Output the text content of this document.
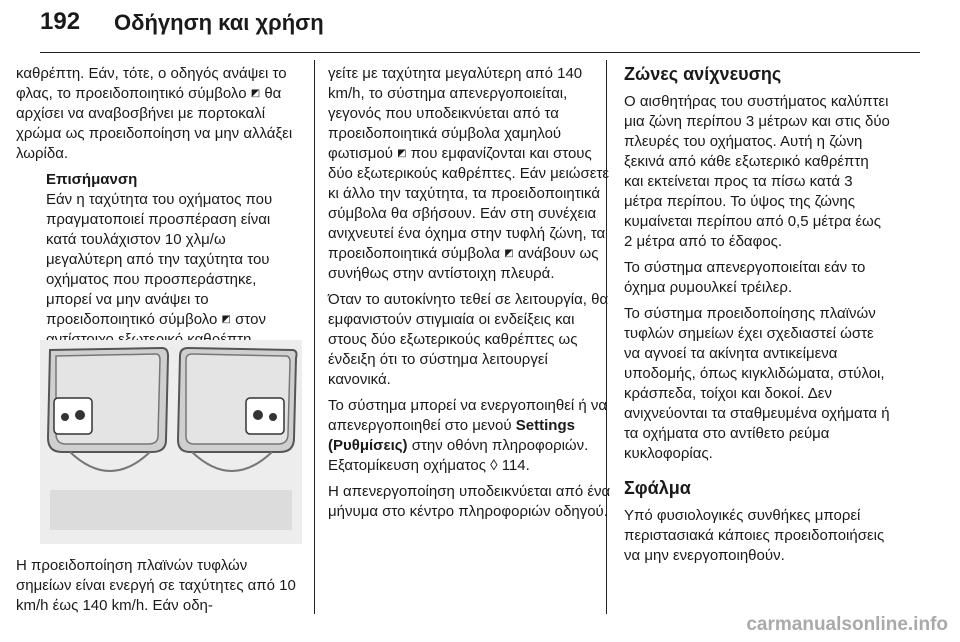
192 Οδήγηση και χρήση

καθρέπτη. Εάν, τότε, ο οδηγός ανάψει το φλας, το προειδοποιητικό σύμβολο ◩ θα αρχίσει να αναβοσβήνει με πορτοκαλί χρώμα ως προειδοποίηση να μην αλλάξει λωρίδα.

Επισήμανση
Εάν η ταχύτητα του οχήματος που πραγματοποιεί προσπέραση είναι κατά τουλάχιστον 10 χλμ/ω μεγαλύτερη από την ταχύτητα του οχήματος που προσπεράστηκε, μπορεί να μην ανάψει το προειδοποιητικό σύμβολο ◩ στον

Η προειδοποίηση πλαϊνών τυφλών σημείων είναι ενεργή σε ταχύτητες από 10 km/h έως 140 km/h. Εάν οδη-

γείτε με ταχύτητα μεγαλύτερη από 140 km/h, το σύστημα απενεργοποιείται, γεγονός που υποδεικνύεται από τα προειδοποιητικά σύμβολα χαμηλού φωτισμού ◩ που εμφανίζονται και στους δύο εξωτερικούς καθρέπτες. Εάν μειώσετε κι άλλο την ταχύτητα, τα προειδοποιητικά σύμβολα θα σβήσουν. Εάν στη συνέχεια ανιχνευτεί ένα όχημα στην τυφλή ζώνη, τα προειδοποιητικά σύμβολα ◩ ανάβουν ως συνήθως στην αντίστοιχη πλευρά.

Όταν το αυτοκίνητο τεθεί σε λειτουργία, θα εμφανιστούν στιγμιαία οι ενδείξεις και στους δύο εξωτερικούς καθρέπτες ως ένδειξη ότι το σύστημα λειτουργεί κανονικά.

Το σύστημα μπορεί να ενεργοποιηθεί ή να απενεργοποιηθεί στο μενού Settings (Ρυθμίσεις) στην οθόνη πληροφοριών. Εξατομίκευση οχήματος ◊ 114.

Η απενεργοποίηση υποδεικνύεται από ένα μήνυμα στο κέντρο πληροφοριών οδηγού.

Ζώνες ανίχνευσης

Ο αισθητήρας του συστήματος καλύπτει μια ζώνη περίπου 3 μέτρων και στις δύο πλευρές του οχήματος. Αυτή η ζώνη ξεκινά από κάθε εξωτερικό καθρέπτη και εκτείνεται προς τα πίσω κατά 3 μέτρα περίπου. Το ύψος της ζώνης κυμαίνεται περίπου από 0,5 μέτρα έως 2 μέτρα από το έδαφος.

Το σύστημα απενεργοποιείται εάν το όχημα ρυμουλκεί τρέιλερ.

Το σύστημα προειδοποίησης πλαϊνών τυφλών σημείων έχει σχεδιαστεί ώστε να αγνοεί τα ακίνητα αντικείμενα υποδομής, όπως κιγκλιδώματα, στύλοι, κράσπεδα, τοίχοι και δοκοί. Δεν ανιχνεύονται τα σταθμευμένα οχήματα ή τα οχήματα στο αντίθετο ρεύμα κυκλοφορίας.

Σφάλμα

Υπό φυσιολογικές συνθήκες μπορεί περιστασιακά κάποιες προειδοποιήσεις να μην ενεργοποιηθούν.

carmanualsonline.info
